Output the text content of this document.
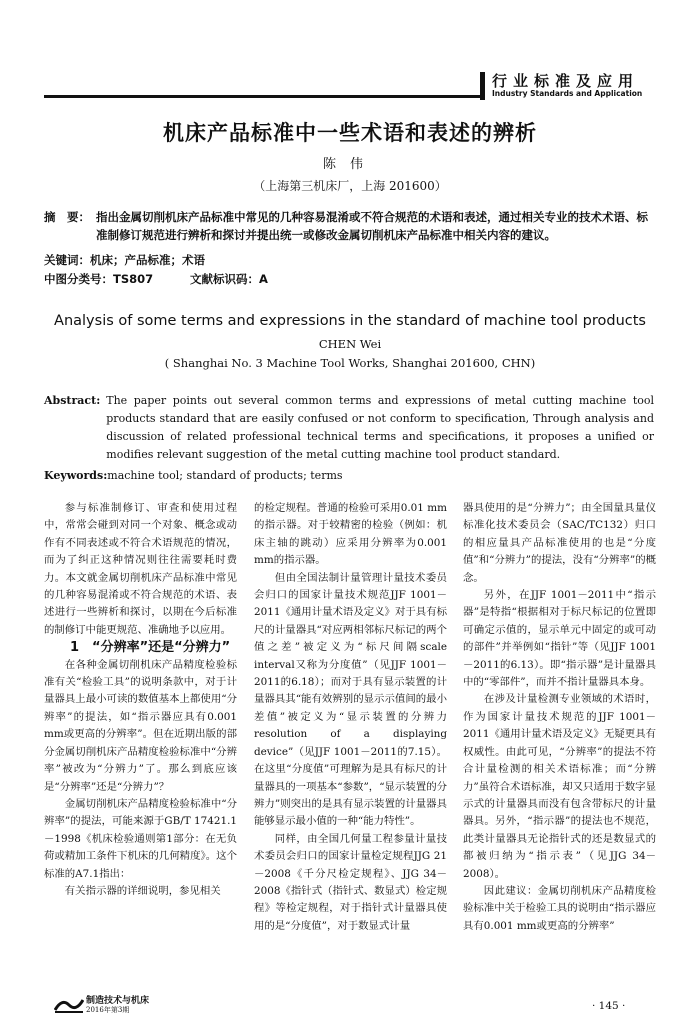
行业标准及应用
Industry Standards and Application
机床产品标准中一些术语和表述的辨析
陈伟
（上海第三机床厂，上海 201600）
摘　要： 指出金属切削机床产品标准中常见的几种容易混淆或不符合规范的术语和表述，通过相关专业的技术术语、标准制修订规范进行辨析和探讨并提出统一或修改金属切削机床产品标准中相关内容的建议。
关键词：机床；产品标准；术语
中图分类号：TS807	文献标识码：A
Analysis of some terms and expressions in the standard of machine tool products
CHEN Wei
( Shanghai No. 3 Machine Tool Works, Shanghai 201600, CHN)
Abstract: The paper points out several common terms and expressions of metal cutting machine tool products standard that are easily confused or not conform to specification, Through analysis and discussion of related professional technical terms and specifications, it proposes a unified or modifies relevant suggestion of the metal cutting machine tool product standard.
Keywords:machine tool; standard of products; terms

参与标准制修订、审查和使用过程中，常常会碰到对同一个对象、概念或动作有不同表述或不符合术语规范的情况，而为了纠正这种情况则往往需要耗时费力。本文就金属切削机床产品标准中常见的几种容易混淆或不符合规范的术语、表述进行一些辨析和探讨，以期在今后标准的制修订中能更规范、准确地予以应用。

1　“分辨率”还是“分辨力”

在各种金属切削机床产品精度检验标准有关“检验工具”的说明条款中，对于计量器具上最小可读的数值基本上都使用“分辨率”的提法，如“指示器应具有0.001 mm或更高的分辨率”。但在近期出版的部分金属切削机床产品精度检验标准中“分辨率”被改为“分辨力”了。那么到底应该是“分辨率”还是“分辨力”？

金属切削机床产品精度检验标准中“分辨率”的提法，可能来源于GB/T 17421.1－1998《机床检验通则第1部分：在无负荷或精加工条件下机床的几何精度》。这个标准的A7.1指出：

有关指示器的详细说明，参见相关

的检定规程。普通的检验可采用0.01 mm的指示器。对于较精密的检验（例如：机床主轴的跳动）应采用分辨率为0.001 mm的指示器。

但由全国法制计量管理计量技术委员会归口的国家计量技术规范JJF 1001－2011《通用计量术语及定义》对于具有标尺的计量器具“对应两相邻标尺标记的两个值之差”被定义为“标尺间隔scale interval又称为分度值”（见JJF 1001－2011的6.18）；而对于具有显示装置的计量器具其“能有效辨别的显示示值间的最小差值”被定义为“显示装置的分辨力resolution of a displaying device”（见JJF 1001－2011的7.15）。在这里“分度值”可理解为是具有标尺的计量器具的一项基本“参数”，“显示装置的分辨力”则突出的是具有显示装置的计量器具能够显示最小值的一种“能力特性”。

同样，由全国几何量工程参量计量技术委员会归口的国家计量检定规程JJG 21－2008《千分尺检定规程》、JJG 34－2008《指针式（指针式、数显式）检定规程》等检定规程，对于指针式计量器具使用的是“分度值”，对于数显式计量

器具使用的是“分辨力”；由全国量具量仪标准化技术委员会（SAC/TC132）归口的相应量具产品标准使用的也是“分度值”和“分辨力”的提法，没有“分辨率”的概念。

另外，在JJF 1001－2011中“指示器”是特指“根据相对于标尺标记的位置即可确定示值的，显示单元中固定的或可动的部件”并举例如“指针”等（见JJF 1001－2011的6.13）。即“指示器”是计量器具中的“零部件”，而并不指计量器具本身。

在涉及计量检测专业领域的术语时，作为国家计量技术规范的JJF 1001－2011《通用计量术语及定义》无疑更具有权威性。由此可见，“分辨率”的提法不符合计量检测的相关术语标准；而“分辨力”虽符合术语标准，却又只适用于数字显示式的计量器具而没有包含带标尺的计量器具。另外，“指示器”的提法也不规范，此类计量器具无论指针式的还是数显式的都被归纳为“指示表”（见JJG 34－2008）。

因此建议：金属切削机床产品精度检验标准中关于检验工具的说明由“指示器应具有0.001 mm或更高的分辨率”

制造技术与机床
2016年第3期	· 145 ·
